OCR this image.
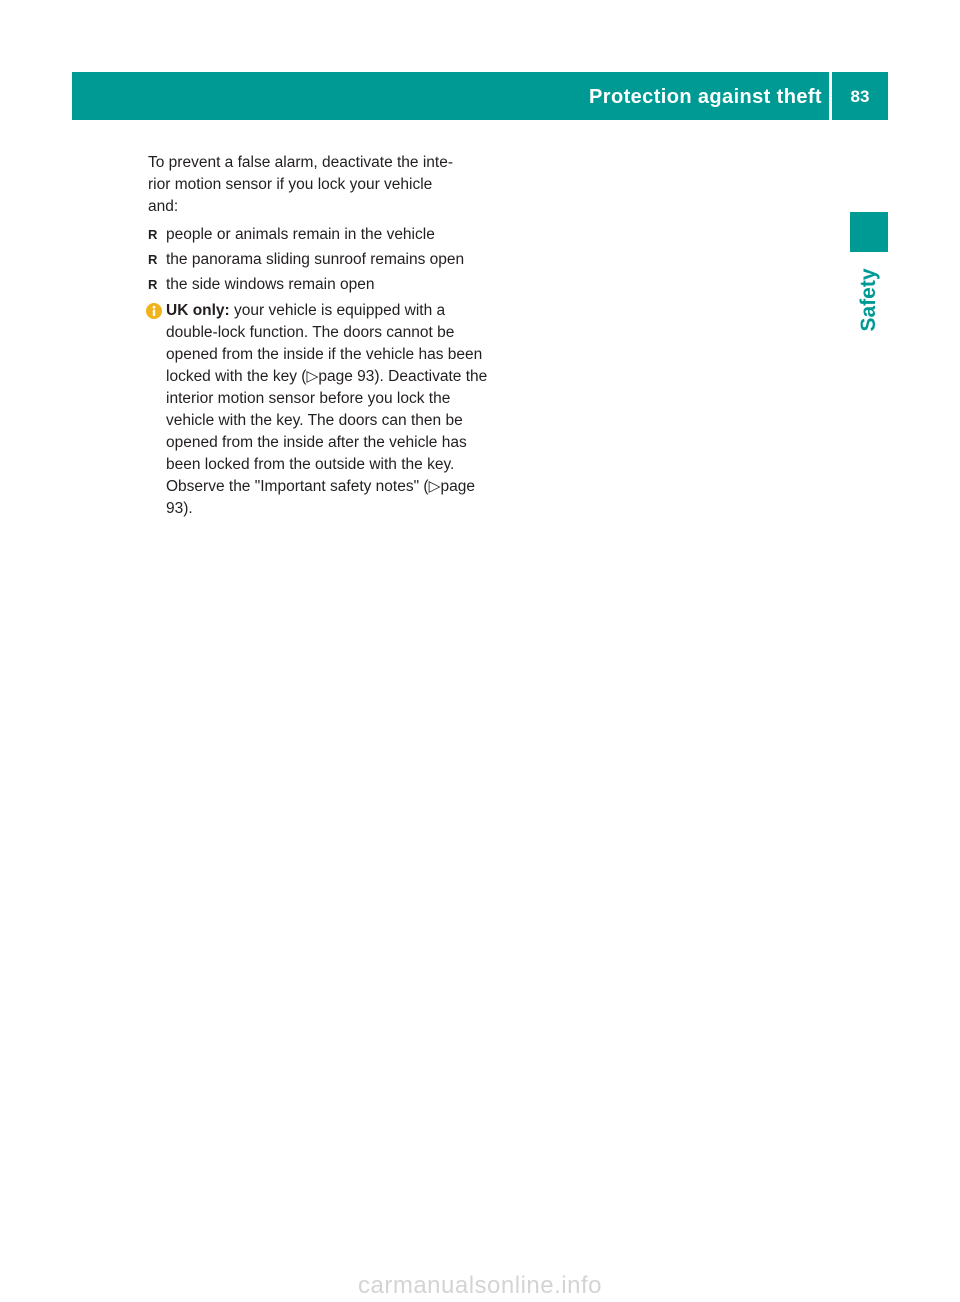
Protection against theft	83
Safety

To prevent a false alarm, deactivate the inte-
rior motion sensor if you lock your vehicle
and:

R people or animals remain in the vehicle
R the panorama sliding sunroof remains open
R the side windows remain open
UK only: your vehicle is equipped with a double-lock function. The doors cannot be opened from the inside if the vehicle has been locked with the key (▷page 93). Deactivate the interior motion sensor before you lock the vehicle with the key. The doors can then be opened from the inside after the vehicle has been locked from the outside with the key. Observe the "Important safety notes" (▷page 93).
carmanualsonline.info
